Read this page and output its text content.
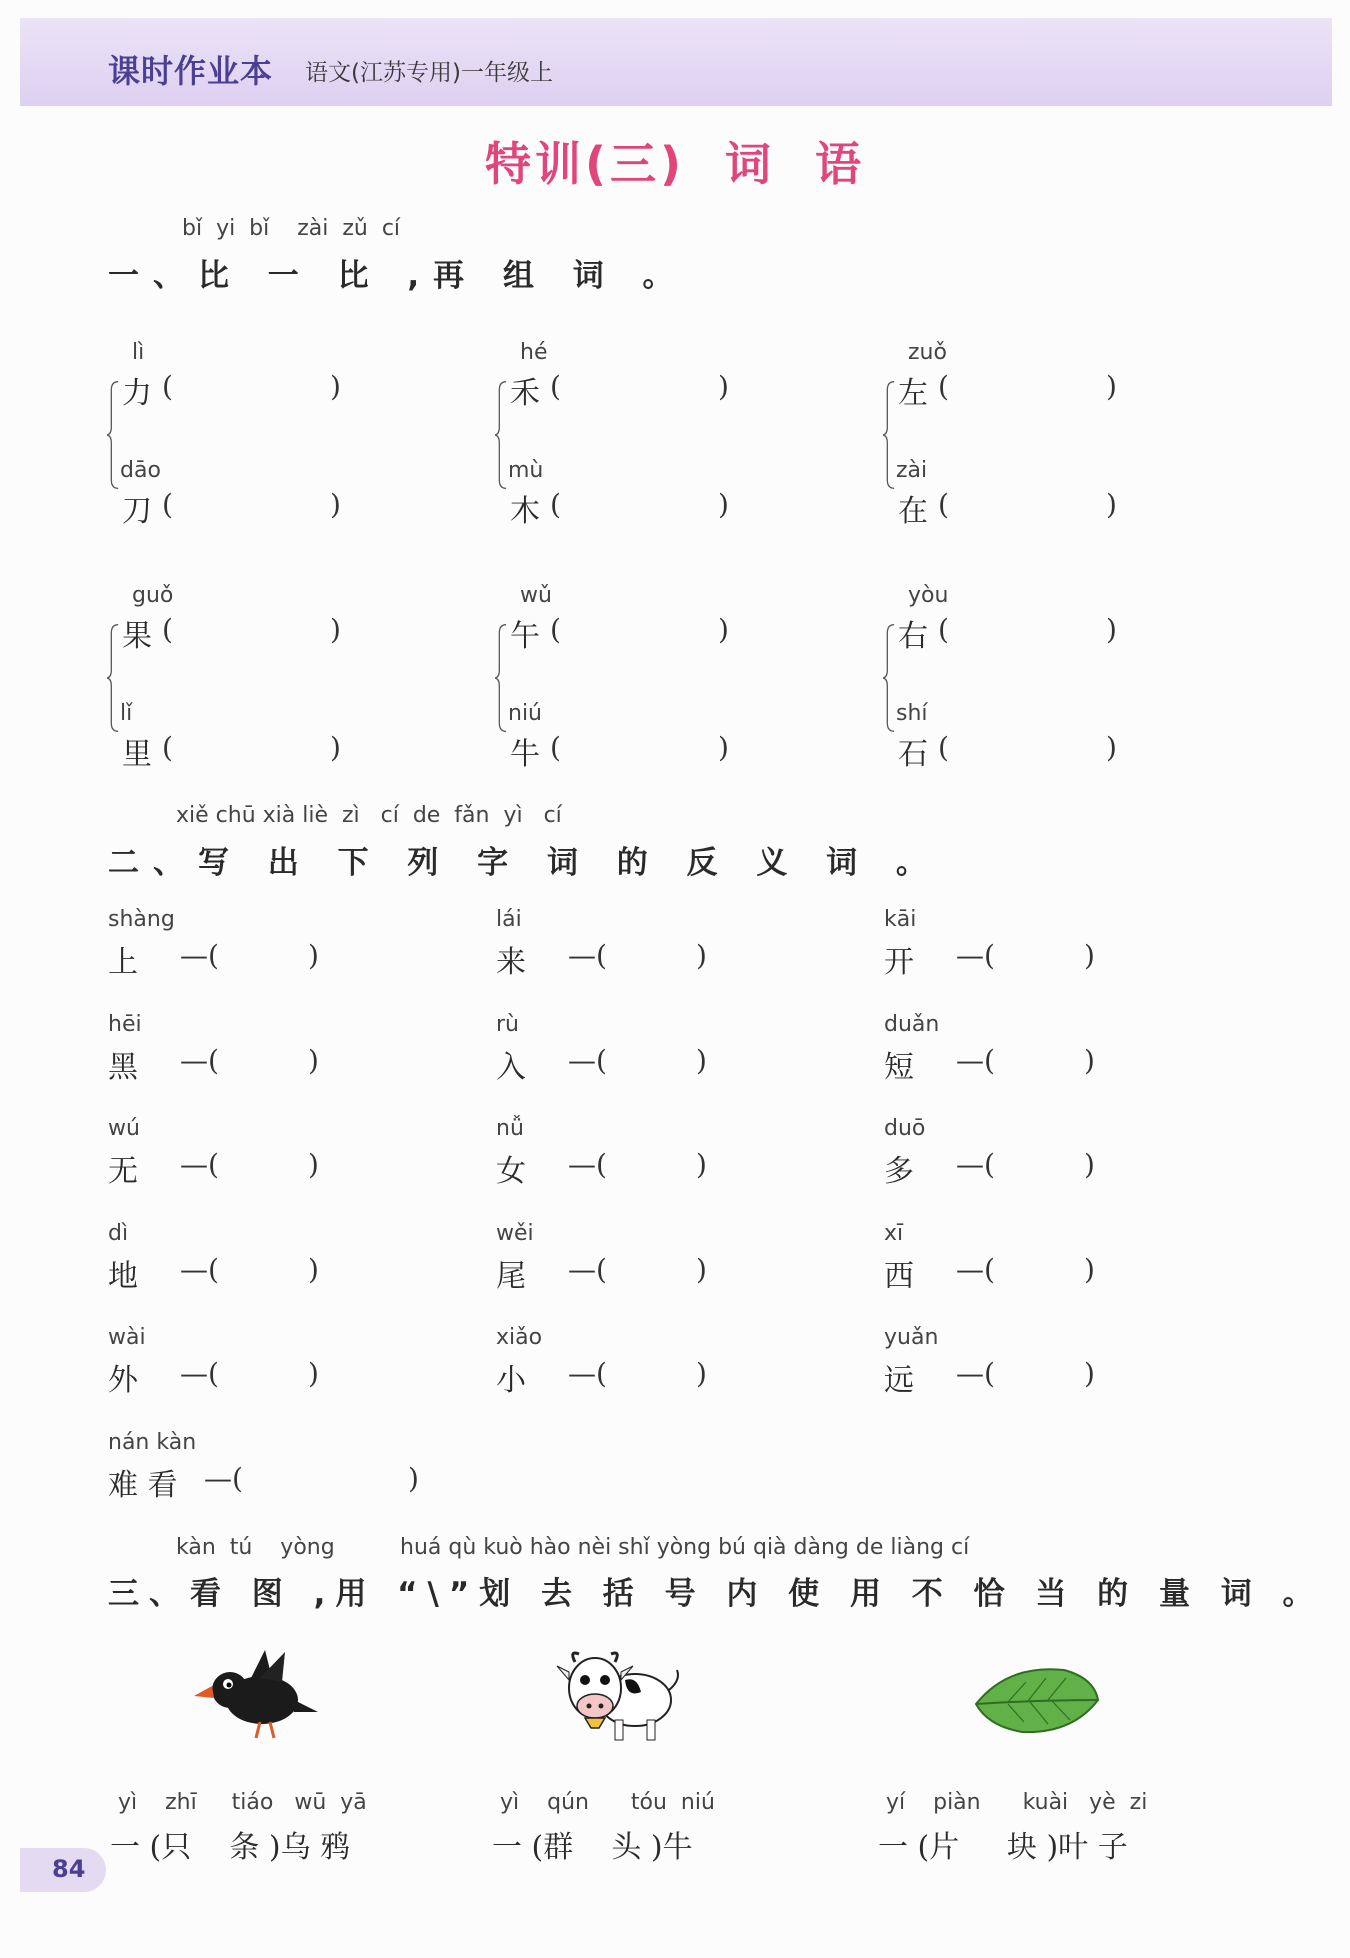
课时作业本 语文(江苏专用)一年级上
特训(三)  词  语
bǐ  yi  bǐ    zài  zǔ  cí
一、比 一 比 ,再 组 词 。
xiě chū xià liè  zì   cí  de  fǎn  yì   cí
二、写 出 下 列 字 词 的 反 义 词 。
kàn  tú    yòng	huá qù kuò hào nèi shǐ yòng bú qià dàng de liàng cí
三、看 图 ,用 “\”划 去 括 号 内 使 用 不 恰 当 的 量 词 。
84
lì
力 (	)
dāo
刀 (	)
hé
禾 (	)
mù
木 (	)
zuǒ
左 (	)
zài
在 (	)
guǒ
果 (	)
lǐ
里 (	)
wǔ
午 (	)
niú
牛 (	)
yòu
右 (	)
shí
石 (	)
shàng
上 —(	)
lái
来 —(	)
kāi
开 —(	)
hēi
黑 —(	)
rù
入 —(	)
duǎn
短 —(	)
wú
无 —(	)
nǚ
女 —(	)
duō
多 —(	)
dì
地 —(	)
wěi
尾 —(	)
xī
西 —(	)
wài
外 —(	)
xiǎo
小 —(	)
yuǎn
远 —(	)
nán kàn
难 看 —(	)
yì    zhī     tiáo   wū  yā
一 (只    条 )乌 鸦
yì    qún      tóu  niú
一 (群    头 )牛
yí    piàn      kuài   yè  zi
一 (片     块 )叶 子
